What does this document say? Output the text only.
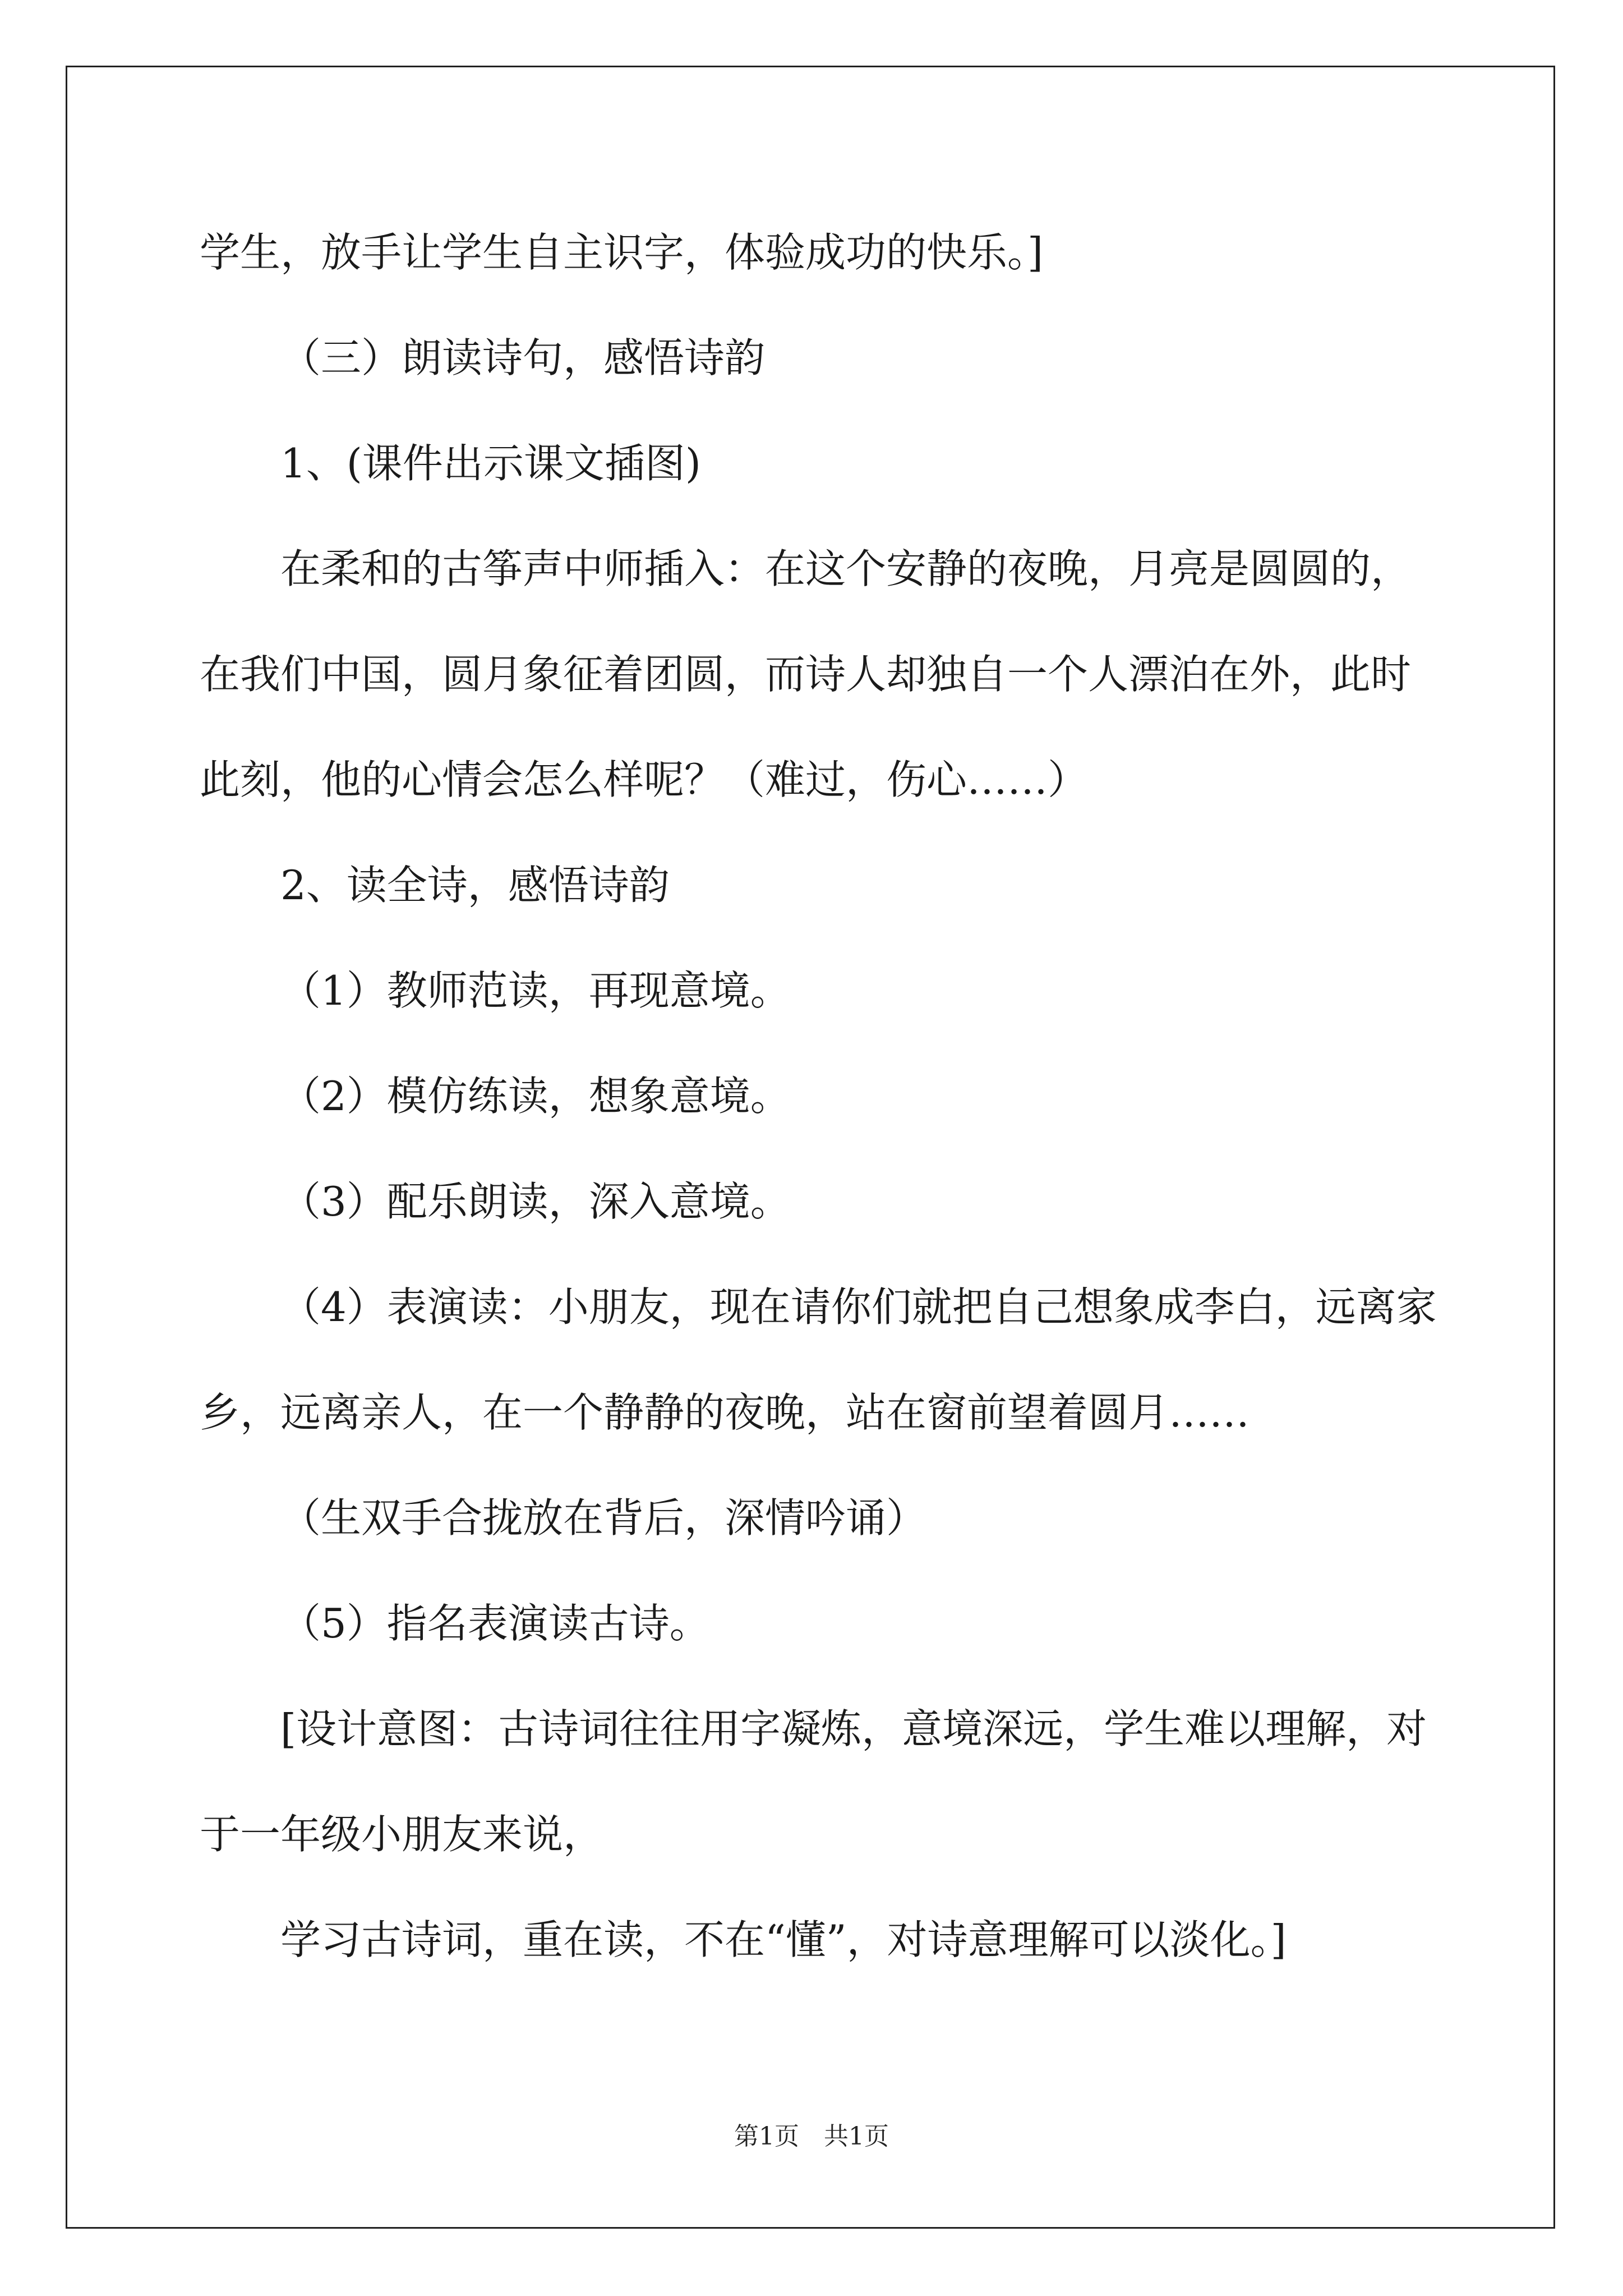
学生，放手让学生自主识字，体验成功的快乐。]
（三）朗读诗句，感悟诗韵
1、(课件出示课文插图)
在柔和的古筝声中师插入：在这个安静的夜晚，月亮是圆圆的，
在我们中国，圆月象征着团圆，而诗人却独自一个人漂泊在外，此时
此刻，他的心情会怎么样呢？（难过，伤心……）
2、读全诗，感悟诗韵
（1）教师范读，再现意境。
（2）模仿练读，想象意境。
（3）配乐朗读，深入意境。
（4）表演读：小朋友，现在请你们就把自己想象成李白，远离家
乡，远离亲人，在一个静静的夜晚，站在窗前望着圆月……
（生双手合拢放在背后，深情吟诵）
（5）指名表演读古诗。
[设计意图：古诗词往往用字凝炼，意境深远，学生难以理解，对
于一年级小朋友来说，
学习古诗词，重在读，不在“懂”，对诗意理解可以淡化。]
第1页　共1页
